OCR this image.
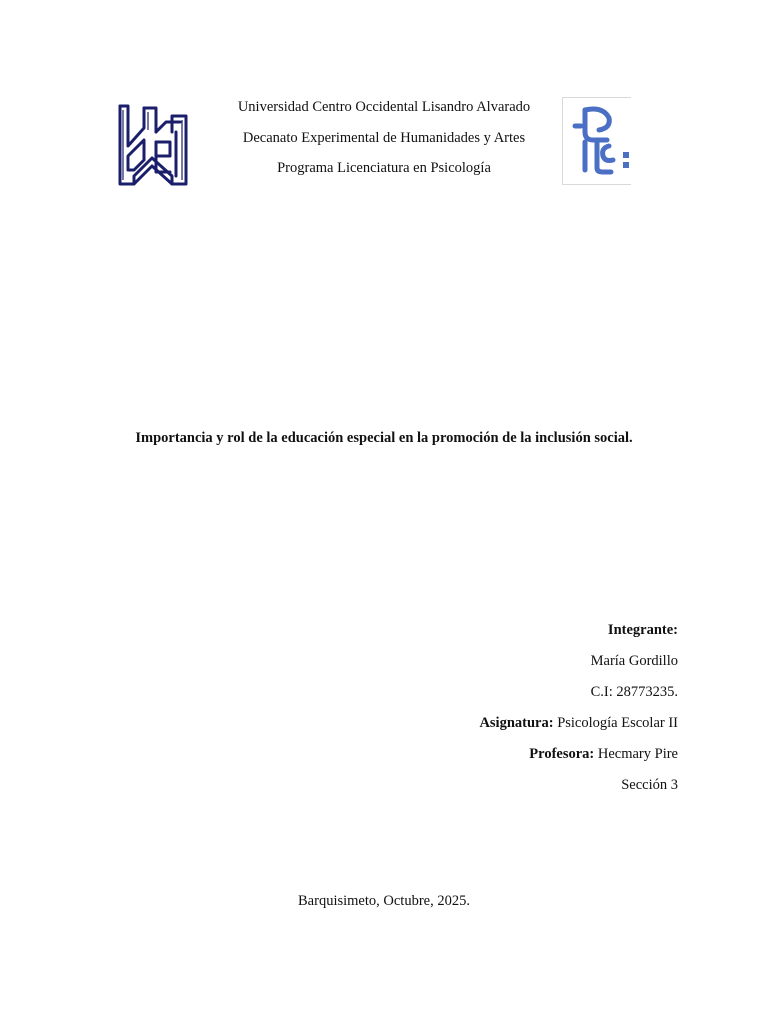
Universidad Centro Occidental Lisandro Alvarado
Decanato Experimental de Humanidades y Artes
Programa Licenciatura en Psicología
Importancia y rol de la educación especial en la promoción de la inclusión social.
Integrante:
María Gordillo
C.I: 28773235.
Asignatura: Psicología Escolar II
Profesora: Hecmary Pire
Sección 3
Barquisimeto, Octubre, 2025.
